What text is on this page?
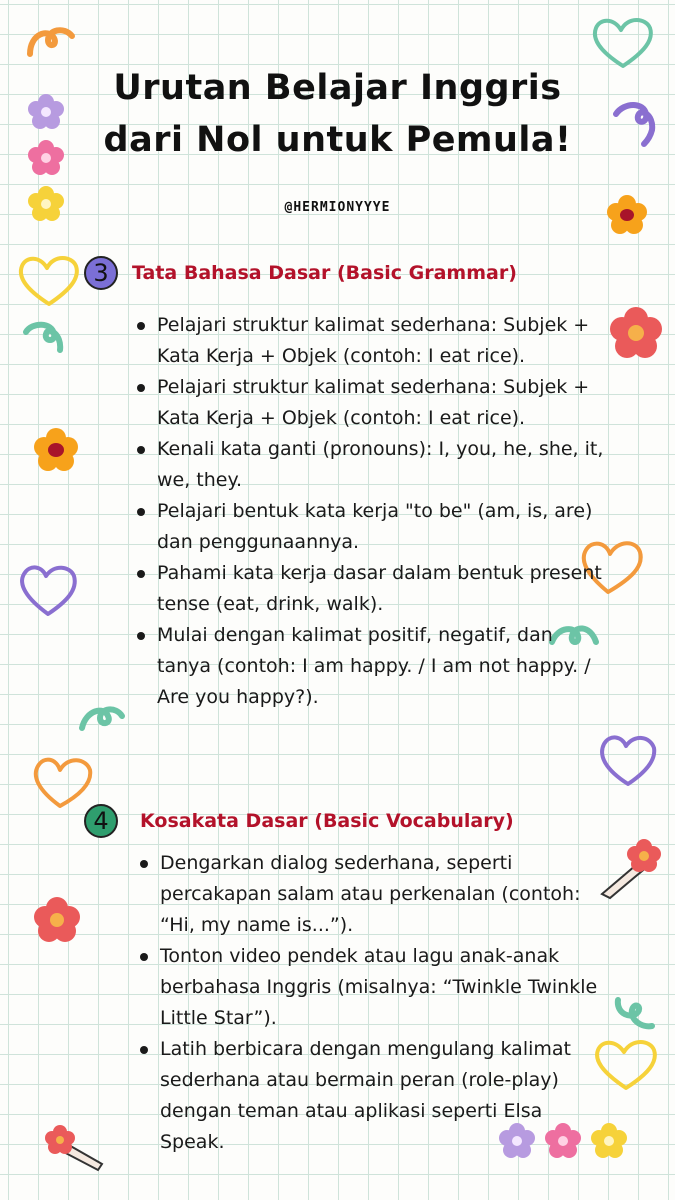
Urutan Belajar Inggris
dari Nol untuk Pemula!
@HERMIONYYYE
3	Tata Bahasa Dasar (Basic Grammar)
Pelajari struktur kalimat sederhana: Subjek + Kata Kerja + Objek (contoh: I eat rice).
Pelajari struktur kalimat sederhana: Subjek + Kata Kerja + Objek (contoh: I eat rice).
Kenali kata ganti (pronouns): I, you, he, she, it, we, they.
Pelajari bentuk kata kerja "to be" (am, is, are) dan penggunaannya.
Pahami kata kerja dasar dalam bentuk present tense (eat, drink, walk).
Mulai dengan kalimat positif, negatif, dan tanya (contoh: I am happy. / I am not happy. / Are you happy?).
4	Kosakata Dasar (Basic Vocabulary)
Dengarkan dialog sederhana, seperti percakapan salam atau perkenalan (contoh: “Hi, my name is...”).
Tonton video pendek atau lagu anak-anak berbahasa Inggris (misalnya: “Twinkle Twinkle Little Star”).
Latih berbicara dengan mengulang kalimat sederhana atau bermain peran (role-play) dengan teman atau aplikasi seperti Elsa Speak.
